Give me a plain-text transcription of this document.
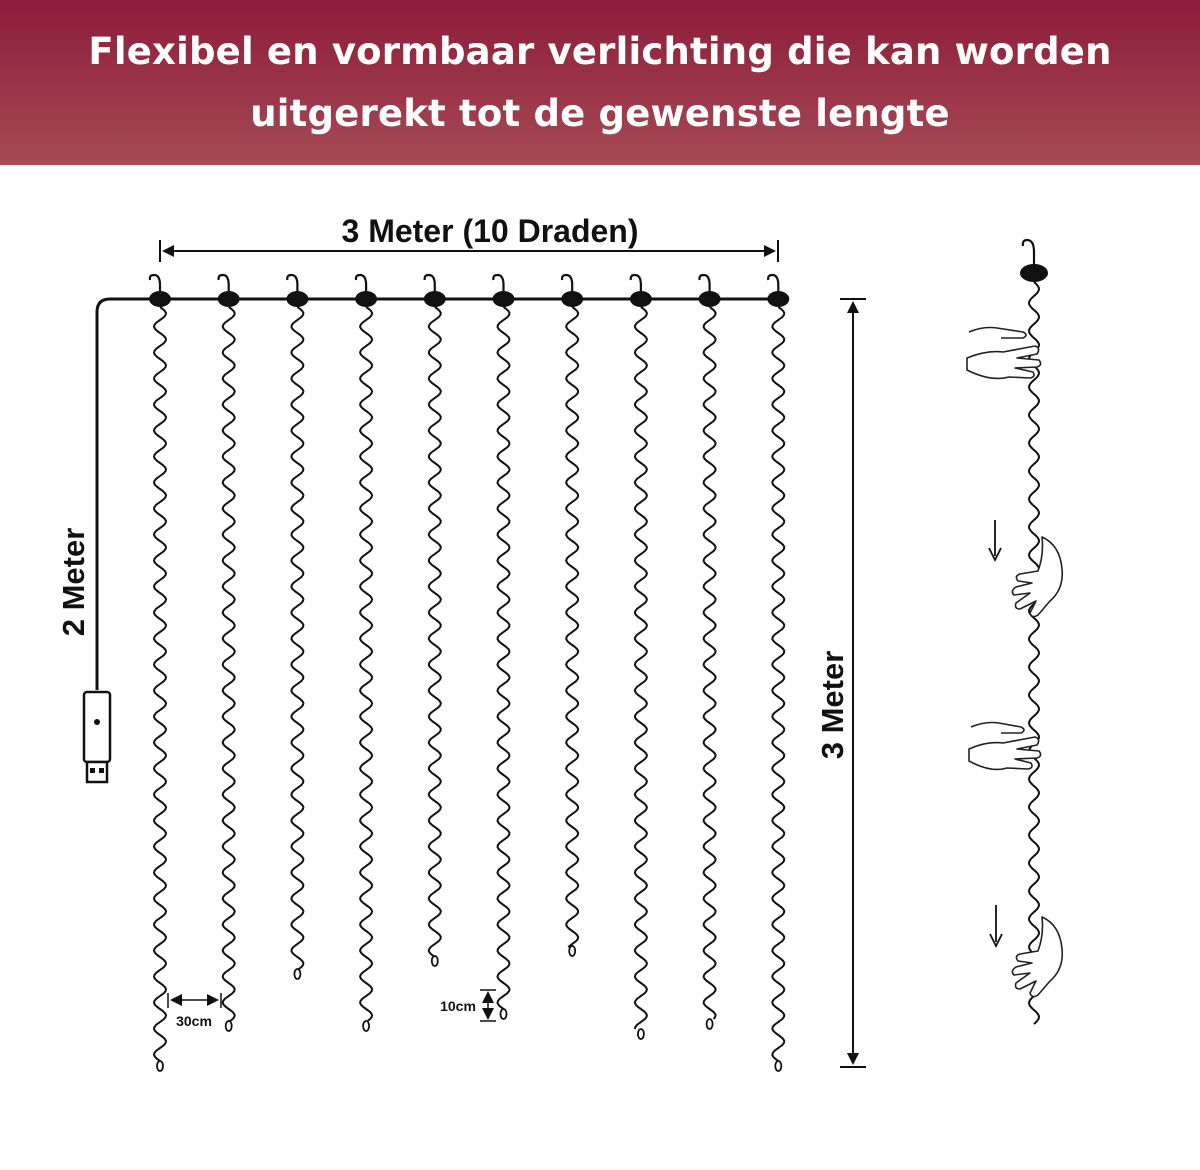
Flexibel en vormbaar verlichting die kan worden
uitgerekt tot de gewenste lengte
3 Meter (10 Draden)
2 Meter
3 Meter
30cm
10cm
